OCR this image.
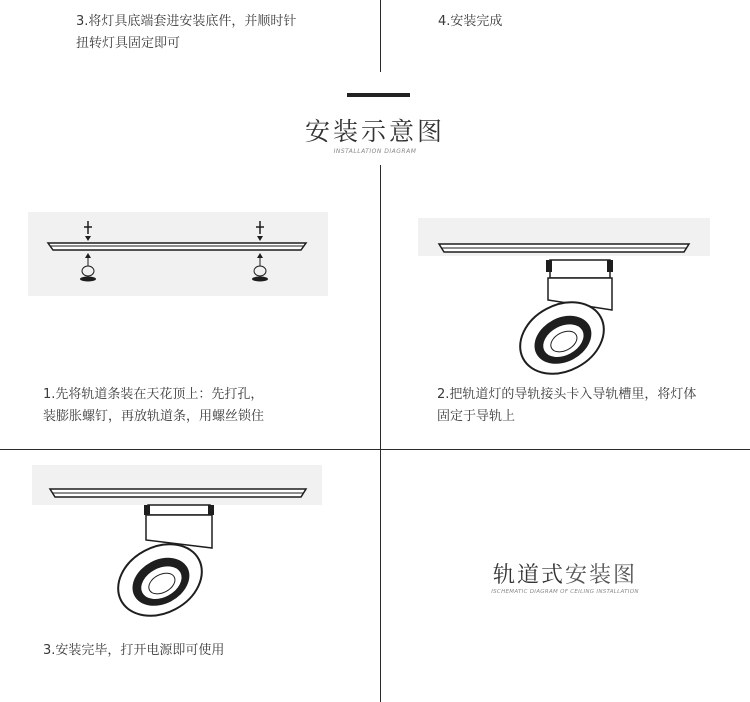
3.将灯具底端套进安装底件，并顺时针
扭转灯具固定即可

4.安装完成

安装示意图

INSTALLATION DIAGRAM

1.先将轨道条装在天花顶上：先打孔，
装膨胀螺钉，再放轨道条，用螺丝锁住

2.把轨道灯的导轨接头卡入导轨槽里，将灯体
固定于导轨上

3.安装完毕，打开电源即可使用

轨道式安装图

ISCHEMATIC DIAGRAM OF CEILING INSTALLATION
